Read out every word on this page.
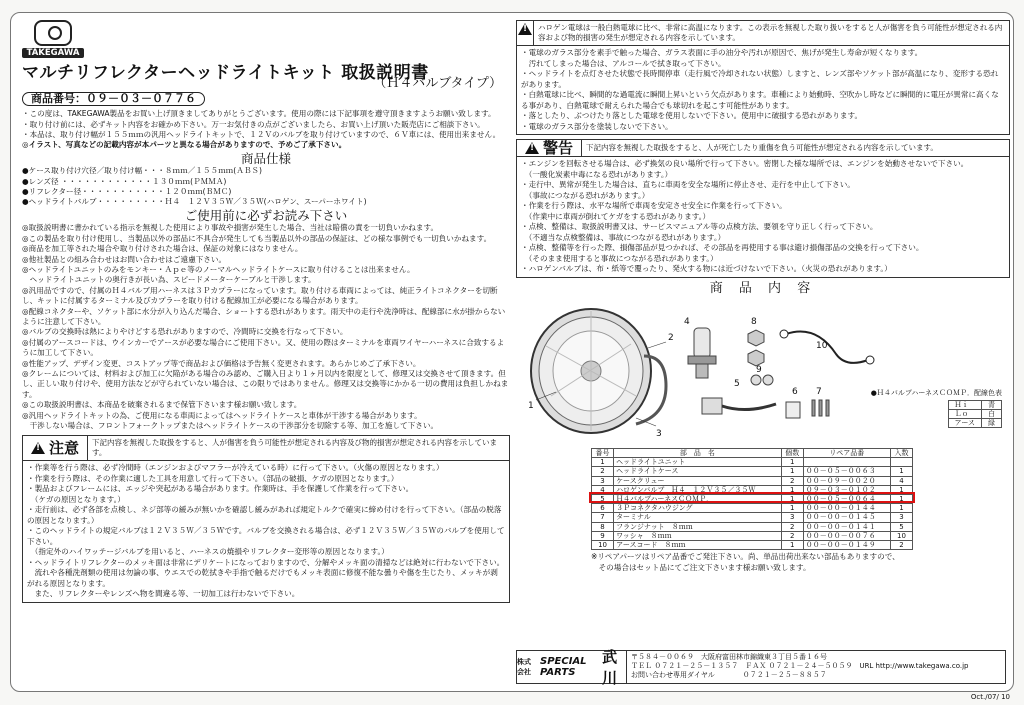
TAKEGAWA
マルチリフレクターヘッドライトキット 取扱説明書
（Ｈ４バルブタイプ）
商品番号：０９－０３－０７７６
・この度は、TAKEGAWA製品をお買い上げ頂きましてありがとうございます。使用の際には下記事項を遵守頂きますようお願い致します。
・取り付け前には、必ずキット内容をお確かめ下さい。万一お気付きの点がございましたら、お買い上げ頂いた販売店にご相談下さい。
・本品は、取り付け幅が１５５ｍｍの汎用ヘッドライトキットで、１２Ｖのバルブを取り付けていますので、６Ｖ車には、使用出来ません。
◎イラスト、写真などの記載内容が本パーツと異なる場合がありますので、予めご了承下さい。
商品仕様
●ケース取り付け穴径／取り付け幅・・・８ｍｍ／１５５ｍｍ(ＡＢＳ)
●レンズ径 ・・・・・・・・・・・・１３０ｍｍ(ＰＭＭＡ)
●リフレクター径・・・・・・・・・・・１２０ｍｍ(ＢＭＣ)
●ヘッドライトバルブ・・・・・・・・・Ｈ４　１２Ｖ３５Ｗ／３５Ｗ(ハロゲン、スーパーホワイト)
ご使用前に必ずお読み下さい
◎取扱説明書に書かれている指示を無視した使用により事故や損害が発生した場合、当社は賠償の責を一切負いかねます。
◎この製品を取り付け使用し、当製品以外の部品に不具合が発生しても当製品以外の部品の保証は、どの様な事例でも一切負いかねます。
◎商品を加工等された場合や取り付けされた場合は、保証の対象にはなりません。
◎他社製品との組み合わせはお問い合わせはご遠慮下さい。
◎ヘッドライトユニットのみをモンキー・Ａｐｅ等のノーマルヘッドライトケースに取り付けることは出来ません。
　ヘッドライトユニットの奥行きが長い為、スピードメーターケーブルと干渉します。
◎汎用品ですので、付属のＨ４バルブ用ハーネスは３Ｐカプラーになっています。取り付ける車両によっては、純正ライトコネクターを切断し、キットに付属するターミナル及びカプラーを取り付ける配線加工が必要になる場合があります。
◎配線コネクターや、ソケット部に水分が入り込んだ場合、ショートする恐れがあります。雨天中の走行や洗浄時は、配線部に水が掛からないように注意して下さい。
◎バルブの交換時は熱によりやけどする恐れがありますので、冷間時に交換を行なって下さい。
◎付属のアースコードは、ウインカーでアースが必要な場合にご使用下さい。又、使用の際はターミナルを車両ワイヤーハーネスに合致するように加工して下さい。
◎性能アップ、デザイン変更、コストアップ等で商品および価格は予告無く変更されます。あらかじめご了承下さい。
◎クレームについては、材料および加工に欠陥がある場合のみ認め、ご購入日より１ヶ月以内を限度として、修理又は交換させて頂きます。但し、正しい取り付けや、使用方法などが守られていない場合は、この限りではありません。修理又は交換等にかかる一切の費用は負担しかねます。
◎この取扱説明書は、本商品を破棄されるまで保管下さいます様お願い致します。
◎汎用ヘッドライトキットの為、ご使用になる車両によってはヘッドライトケースと車体が干渉する場合があります。
　干渉しない場合は、フロントフォークトップまたはヘッドライトケースの干渉部分を切除する等、加工を施して下さい。
!
注意	下記内容を無視した取扱をすると、人が傷害を負う可能性が想定される内容及び物的損害が想定される内容を示しています。
・作業等を行う際は、必ず冷間時（エンジンおよびマフラーが冷えている時）に行って下さい。（火傷の原因となります。）
・作業を行う際は、その作業に適した工具を用意して行って下さい。（部品の破損、ケガの原因となります。）
・製品およびフレームには、エッジや突起がある場合があります。作業時は、手を保護して作業を行って下さい。
　（ケガの原因となります。）
・走行前は、必ず各部を点検し、ネジ部等の緩みが無いかを確認し緩みがあれば規定トルクで確実に締め付けを行って下さい。（部品の脱落の原因となります。）
・このヘッドライトの規定バルブは１２Ｖ３５Ｗ／３５Ｗです。バルブを交換される場合は、必ず１２Ｖ３５Ｗ／３５Ｗのバルブを使用して下さい。
　（指定外のハイワッテージバルブを用いると、ハーネスの焼損やリフレクター変形等の原因となります。）
・ヘッドライトリフレクターのメッキ面は非常にデリケートになっておりますので、分解やメッキ面の清掃などは絶対に行わないで下さい。
　流れや各種洗剤類の使用は勿論の事、ウエスでの乾拭きや手指で触るだけでもメッキ表面に修復不能な曇りや傷を生じたり、メッキが剥がれる原因となります。
　また、リフレクターやレンズへ物を間違る等、一切加工は行わないで下さい。
!
ハロゲン電球は一般白熱電球に比べ、非常に高温になります。この表示を無視した取り扱いをすると人が傷害を負う可能性が想定される内容および物的損害の発生が想定される内容を示しています。
・電球のガラス部分を素手で触った場合、ガラス表面に手の油分や汚れが原因で、焦げが発生し寿命が短くなります。
　汚れてしまった場合は、アルコールで拭き取って下さい。
・ヘッドライトを点灯させた状態で長時間停車（走行風で冷却されない状態）しますと、レンズ部やソケット部が高温になり、変形する恐れがあります。
・白熱電球に比べ、瞬間的な過電流に瞬間上昇いという欠点があります。車種により始動時、空吹かし時などに瞬間的に電圧が異常に高くなる事があり、白熱電球で耐えられた場合でも球切れを起こす可能性があります。
・落としたり、ぶつけたり落とした電球を使用しないで下さい。使用中に破損する恐れがあります。
・電球のガラス部分を塗装しないで下さい。
!
警告	下記内容を無視した取扱をすると、人が死亡したり重傷を負う可能性が想定される内容を示しています。
・エンジンを回転させる場合は、必ず換気の良い場所で行って下さい。密閉した様な場所では、エンジンを始動させないで下さい。
　（一酸化炭素中毒になる恐れがあります。）
・走行中、異常が発生した場合は、直ちに車両を安全な場所に停止させ、走行を中止して下さい。
　（事故につながる恐れがあります。）
・作業を行う際は、水平な場所で車両を安定させ安全に作業を行って下さい。
　（作業中に車両が倒れてケガをする恐れがあります。）
・点検、整備は、取扱説明書又は、サービスマニュアル等の点検方法、要領を守り正しく行って下さい。
　（不適当な点検整備は、事故につながる恐れがあります。）
・点検、整備等を行った際、損傷部品が見つかれば、その部品を再使用する事は避け損傷部品の交換を行って下さい。
　（そのまま使用すると事故につながる恐れがあります。）
・ハロゲンバルブは、布・紙等で覆ったり、発火する物には近づけないで下さい。（火災の恐れがあります。）
商 品 内 容
1
2
3
4
5
6 7
8
9
10
●Ｈ４バルブハーネスＣＯＭＰ．配線色表
Ｈｉ	青
Ｌｏ	白
アース	緑
番号	部　品　名	個数	リペア品番	入数
1	ヘッドライトユニット	1		
2	ヘッドライトケース	1	００－０５－００６３	1
3	ケースクリュー	2	００－０９－００２０	4
4	ハロゲンバルブ　Ｈ４　１２Ｖ３５／３５Ｗ	1	０９－０３－０１０２	1
5	Ｈ４バルブハーネスＣＯＭＰ．	1	００－０５－００６４	1
6	３Ｐコネクタハウジング	1	００－００－０１４４	1
7	ターミナル	3	００－００－０１４５	3
8	フランジナット　８ｍｍ	2	００－００－０１４１	5
9	ワッシャ　８ｍｍ	2	００－００－００７６	10
10	アースコード　８ｍｍ	1	００－００－０１４９	2
※リペアパーツはリペア品番でご発注下さい。尚、単品出荷出来ない部品もありますので、
　その場合はセット品にてご注文下さいます様お願い致します。
株式会社
SPECIAL PARTS
武 川
〒５８４－００６９　大阪府富田林市錦織東３丁目５番１６号
ＴＥＬ ０７２１－２５－１３５７　ＦＡＸ ０７２１－２４－５０５９　URL http://www.takegawa.co.jp
お問い合わせ専用ダイヤル　　　　０７２１－２５－８８５７
Oct./07/ 10
